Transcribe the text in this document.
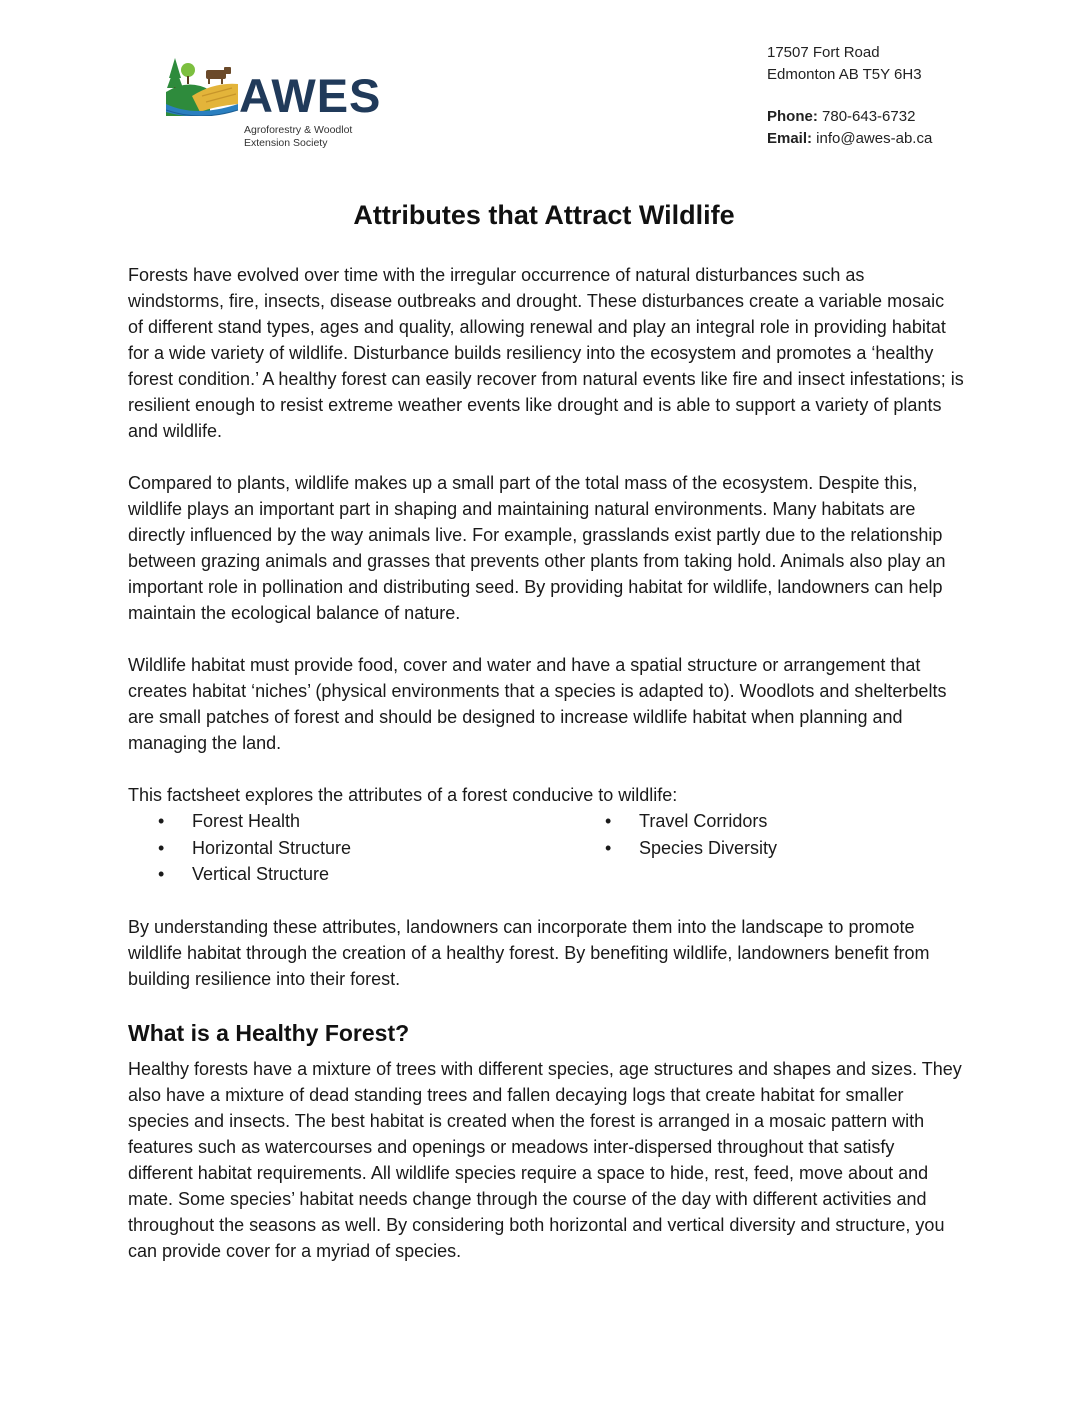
AWES
Agroforestry & Woodlot
Extension Society
17507 Fort Road
Edmonton AB T5Y 6H3
Phone: 780-643-6732
Email: info@awes-ab.ca
Attributes that Attract Wildlife

Forests have evolved over time with the irregular occurrence of natural disturbances such as windstorms, fire, insects, disease outbreaks and drought. These disturbances create a variable mosaic of different stand types, ages and quality, allowing renewal and play an integral role in providing habitat for a wide variety of wildlife. Disturbance builds resiliency into the ecosystem and promotes a ‘healthy forest condition.’ A healthy forest can easily recover from natural events like fire and insect infestations; is resilient enough to resist extreme weather events like drought and is able to support a variety of plants and wildlife.

Compared to plants, wildlife makes up a small part of the total mass of the ecosystem. Despite this, wildlife plays an important part in shaping and maintaining natural environments. Many habitats are directly influenced by the way animals live. For example, grasslands exist partly due to the relationship between grazing animals and grasses that prevents other plants from taking hold. Animals also play an important role in pollination and distributing seed. By providing habitat for wildlife, landowners can help maintain the ecological balance of nature.

Wildlife habitat must provide food, cover and water and have a spatial structure or arrangement that creates habitat ‘niches’ (physical environments that a species is adapted to). Woodlots and shelterbelts are small patches of forest and should be designed to increase wildlife habitat when planning and managing the land.

This factsheet explores the attributes of a forest conducive to wildlife:

• Forest Health
• Horizontal Structure
• Vertical Structure
• Travel Corridors
• Species Diversity

By understanding these attributes, landowners can incorporate them into the landscape to promote wildlife habitat through the creation of a healthy forest. By benefiting wildlife, landowners benefit from building resilience into their forest.

What is a Healthy Forest?

Healthy forests have a mixture of trees with different species, age structures and shapes and sizes. They also have a mixture of dead standing trees and fallen decaying logs that create habitat for smaller species and insects. The best habitat is created when the forest is arranged in a mosaic pattern with features such as watercourses and openings or meadows inter-dispersed throughout that satisfy different habitat requirements. All wildlife species require a space to hide, rest, feed, move about and mate. Some species’ habitat needs change through the course of the day with different activities and throughout the seasons as well. By considering both horizontal and vertical diversity and structure, you can provide cover for a myriad of species.
